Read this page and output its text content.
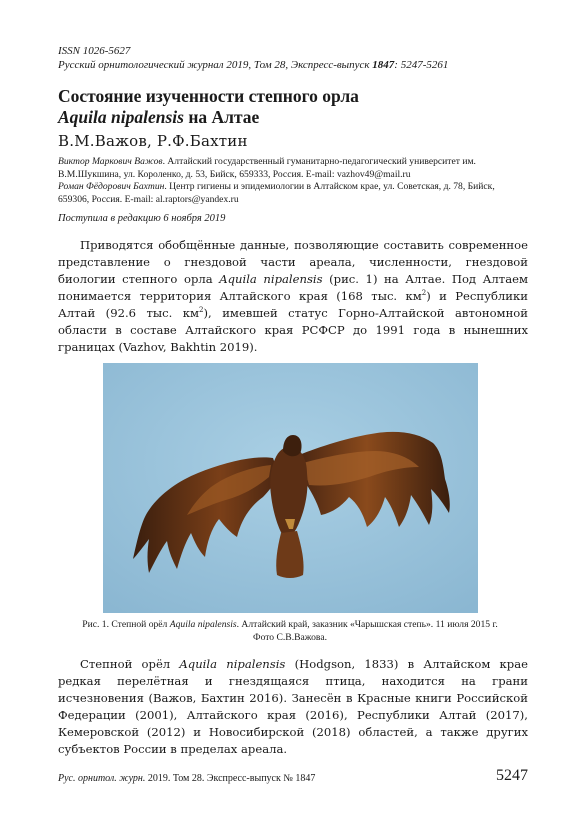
ISSN 1026-5627
Русский орнитологический журнал 2019, Том 28, Экспресс-выпуск 1847: 5247-5261
Состояние изученности степного орла
Aquila nipalensis на Алтае
В.М.Важов, Р.Ф.Бахтин
Виктор Маркович Важов. Алтайский государственный гуманитарно-педагогический университет им. В.М.Шукшина, ул. Короленко, д. 53, Бийск, 659333, Россия. E-mail: vazhov49@mail.ru
Роман Фёдорович Бахтин. Центр гигиены и эпидемиологии в Алтайском крае, ул. Советская, д. 78, Бийск, 659306, Россия. E-mail: al.raptors@yandex.ru
Поступила в редакцию 6 ноября 2019

Приводятся обобщённые данные, позволяющие составить современное представление о гнездовой части ареала, численности, гнездовой биологии степного орла Aquila nipalensis (рис. 1) на Алтае. Под Алтаем понимается территория Алтайского края (168 тыс. $км^2$) и Республики Алтай (92.6 тыс. $км^2$), имевшей статус Горно-Алтайской автономной области в составе Алтайского края РСФСР до 1991 года в нынешних границах (Vazhov, Bakhtin 2019).

Рис. 1. Степной орёл Aquila nipalensis. Алтайский край, заказник «Чарышская степь». 11 июля 2015 г. Фото С.В.Важова.

Степной орёл Aquila nipalensis (Hodgson, 1833) в Алтайском крае редкая перелётная и гнездящаяся птица, находится на грани исчезновения (Важов, Бахтин 2016). Занесён в Красные книги Российской Федерации (2001), Алтайского края (2016), Республики Алтай (2017), Кемеровской (2012) и Новосибирской (2018) областей, а также других субъектов России в пределах ареала.

Рус. орнитол. журн. 2019. Том 28. Экспресс-выпуск № 1847	5247
